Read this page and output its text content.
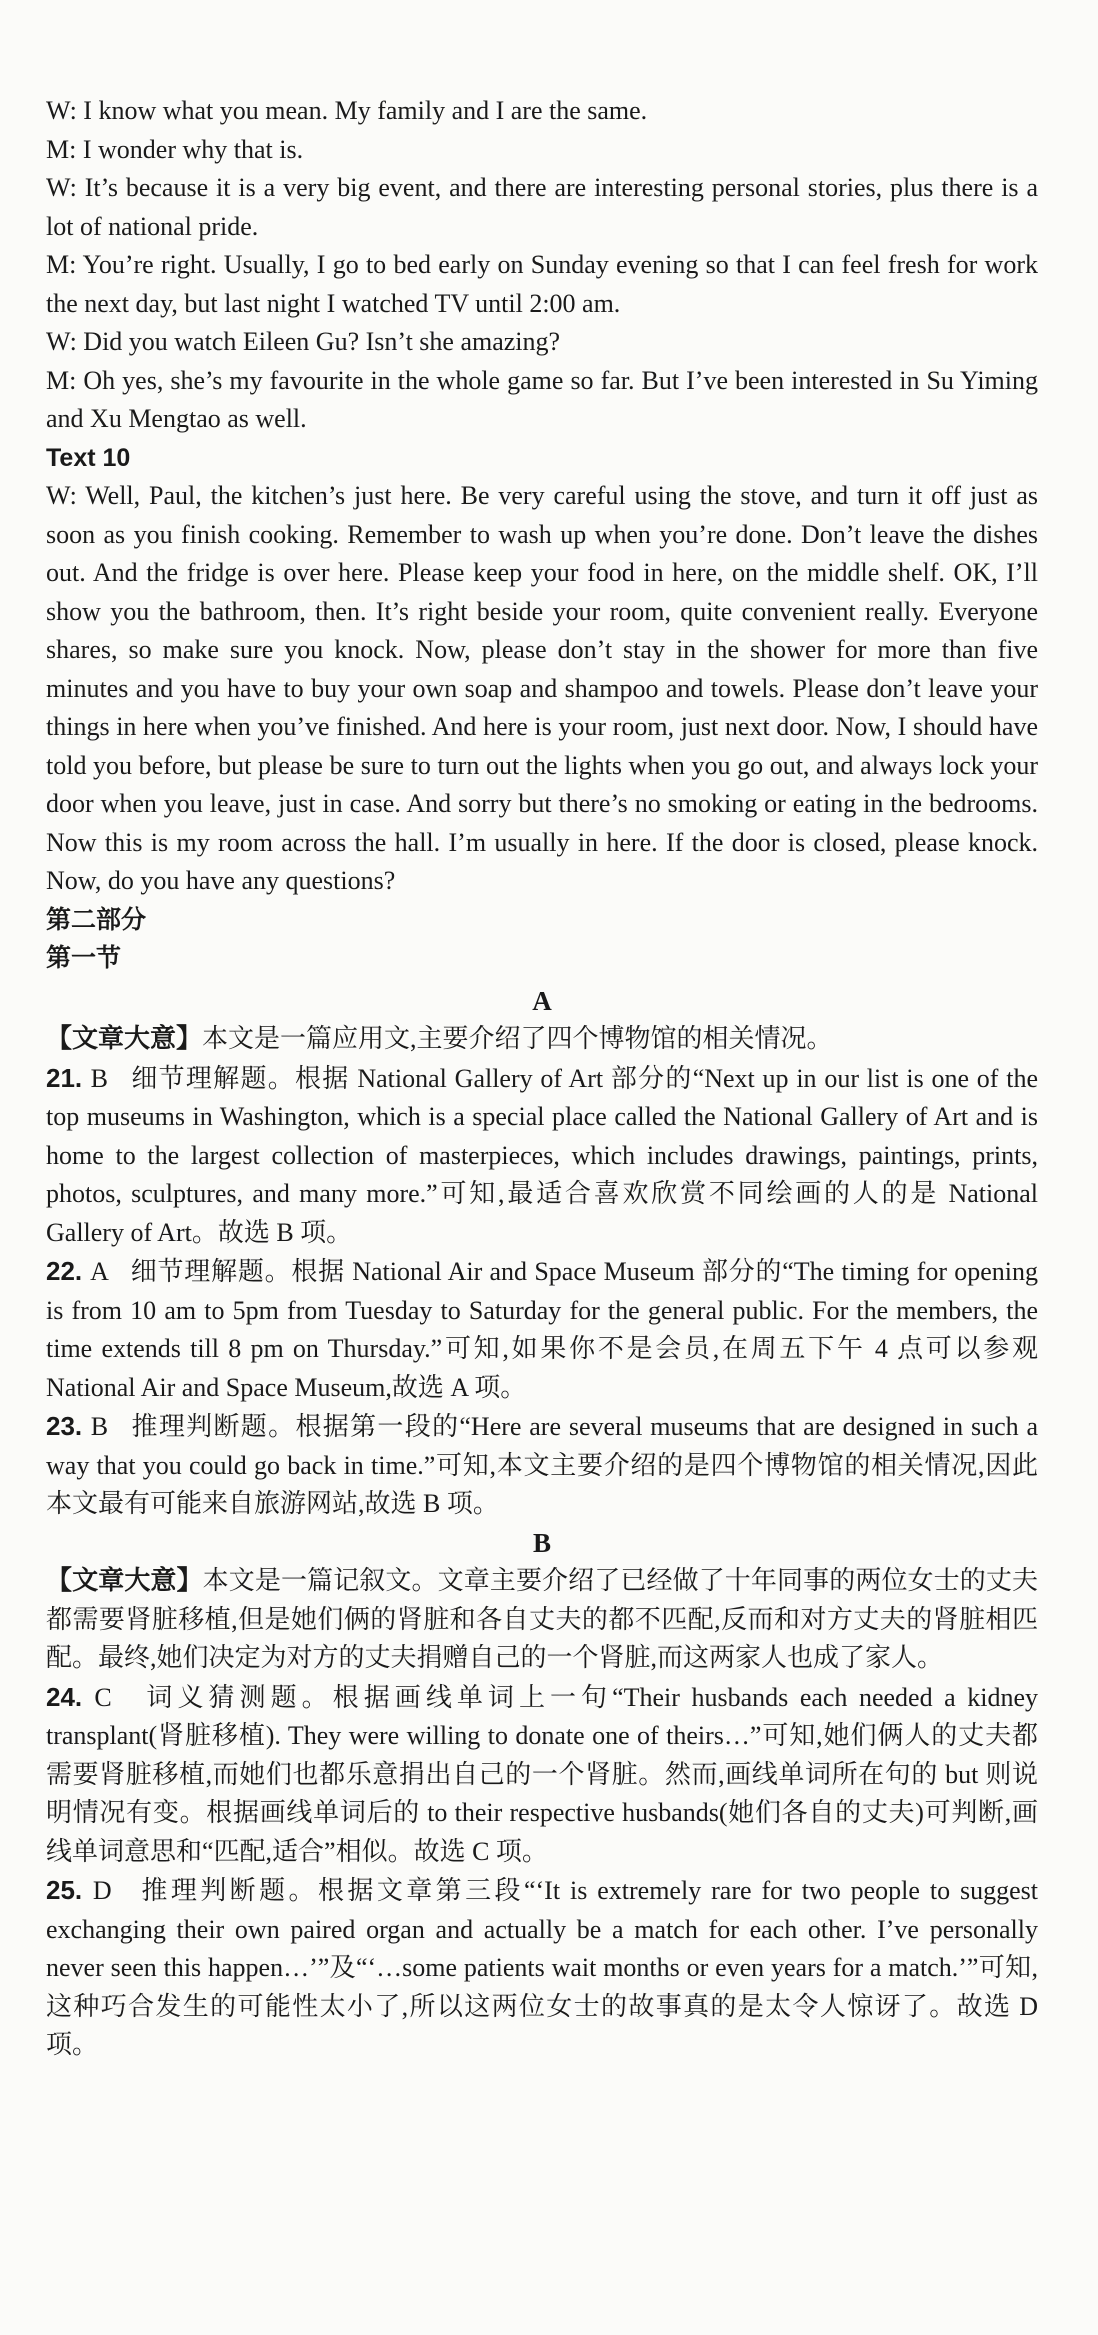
W: I know what you mean. My family and I are the same.

M: I wonder why that is.

W: It’s because it is a very big event, and there are interesting personal stories, plus there is a lot of national pride.

M: You’re right. Usually, I go to bed early on Sunday evening so that I can feel fresh for work the next day, but last night I watched TV until 2:00 am.

W: Did you watch Eileen Gu? Isn’t she amazing?

M: Oh yes, she’s my favourite in the whole game so far. But I’ve been interested in Su Yiming and Xu Mengtao as well.

Text 10

W: Well, Paul, the kitchen’s just here. Be very careful using the stove, and turn it off just as soon as you finish cooking. Remember to wash up when you’re done. Don’t leave the dishes out. And the fridge is over here. Please keep your food in here, on the middle shelf. OK, I’ll show you the bathroom, then. It’s right beside your room, quite convenient really. Everyone shares, so make sure you knock. Now, please don’t stay in the shower for more than five minutes and you have to buy your own soap and shampoo and towels. Please don’t leave your things in here when you’ve finished. And here is your room, just next door. Now, I should have told you before, but please be sure to turn out the lights when you go out, and always lock your door when you leave, just in case. And sorry but there’s no smoking or eating in the bedrooms. Now this is my room across the hall. I’m usually in here. If the door is closed, please knock. Now, do you have any questions?

第二部分
第一节
A

【文章大意】本文是一篇应用文,主要介绍了四个博物馆的相关情况。

21. B 细节理解题。根据 National Gallery of Art 部分的“Next up in our list is one of the top museums in Washington, which is a special place called the National Gallery of Art and is home to the largest collection of masterpieces, which includes drawings, paintings, prints, photos, sculptures, and many more.”可知,最适合喜欢欣赏不同绘画的人的是 National Gallery of Art。故选 B 项。

22. A 细节理解题。根据 National Air and Space Museum 部分的“The timing for opening is from 10 am to 5pm from Tuesday to Saturday for the general public. For the members, the time extends till 8 pm on Thursday.”可知,如果你不是会员,在周五下午 4 点可以参观 National Air and Space Museum,故选 A 项。

23. B 推理判断题。根据第一段的“Here are several museums that are designed in such a way that you could go back in time.”可知,本文主要介绍的是四个博物馆的相关情况,因此本文最有可能来自旅游网站,故选 B 项。

B

【文章大意】本文是一篇记叙文。文章主要介绍了已经做了十年同事的两位女士的丈夫都需要肾脏移植,但是她们俩的肾脏和各自丈夫的都不匹配,反而和对方丈夫的肾脏相匹配。最终,她们决定为对方的丈夫捐赠自己的一个肾脏,而这两家人也成了家人。

24. C 词义猜测题。根据画线单词上一句“Their husbands each needed a kidney transplant(肾脏移植). They were willing to donate one of theirs…”可知,她们俩人的丈夫都需要肾脏移植,而她们也都乐意捐出自己的一个肾脏。然而,画线单词所在句的 but 则说明情况有变。根据画线单词后的 to their respective husbands(她们各自的丈夫)可判断,画线单词意思和“匹配,适合”相似。故选 C 项。

25. D 推理判断题。根据文章第三段“‘It is extremely rare for two people to suggest exchanging their own paired organ and actually be a match for each other. I’ve personally never seen this happen…’”及“‘…some patients wait months or even years for a match.’”可知,这种巧合发生的可能性太小了,所以这两位女士的故事真的是太令人惊讶了。故选 D 项。
